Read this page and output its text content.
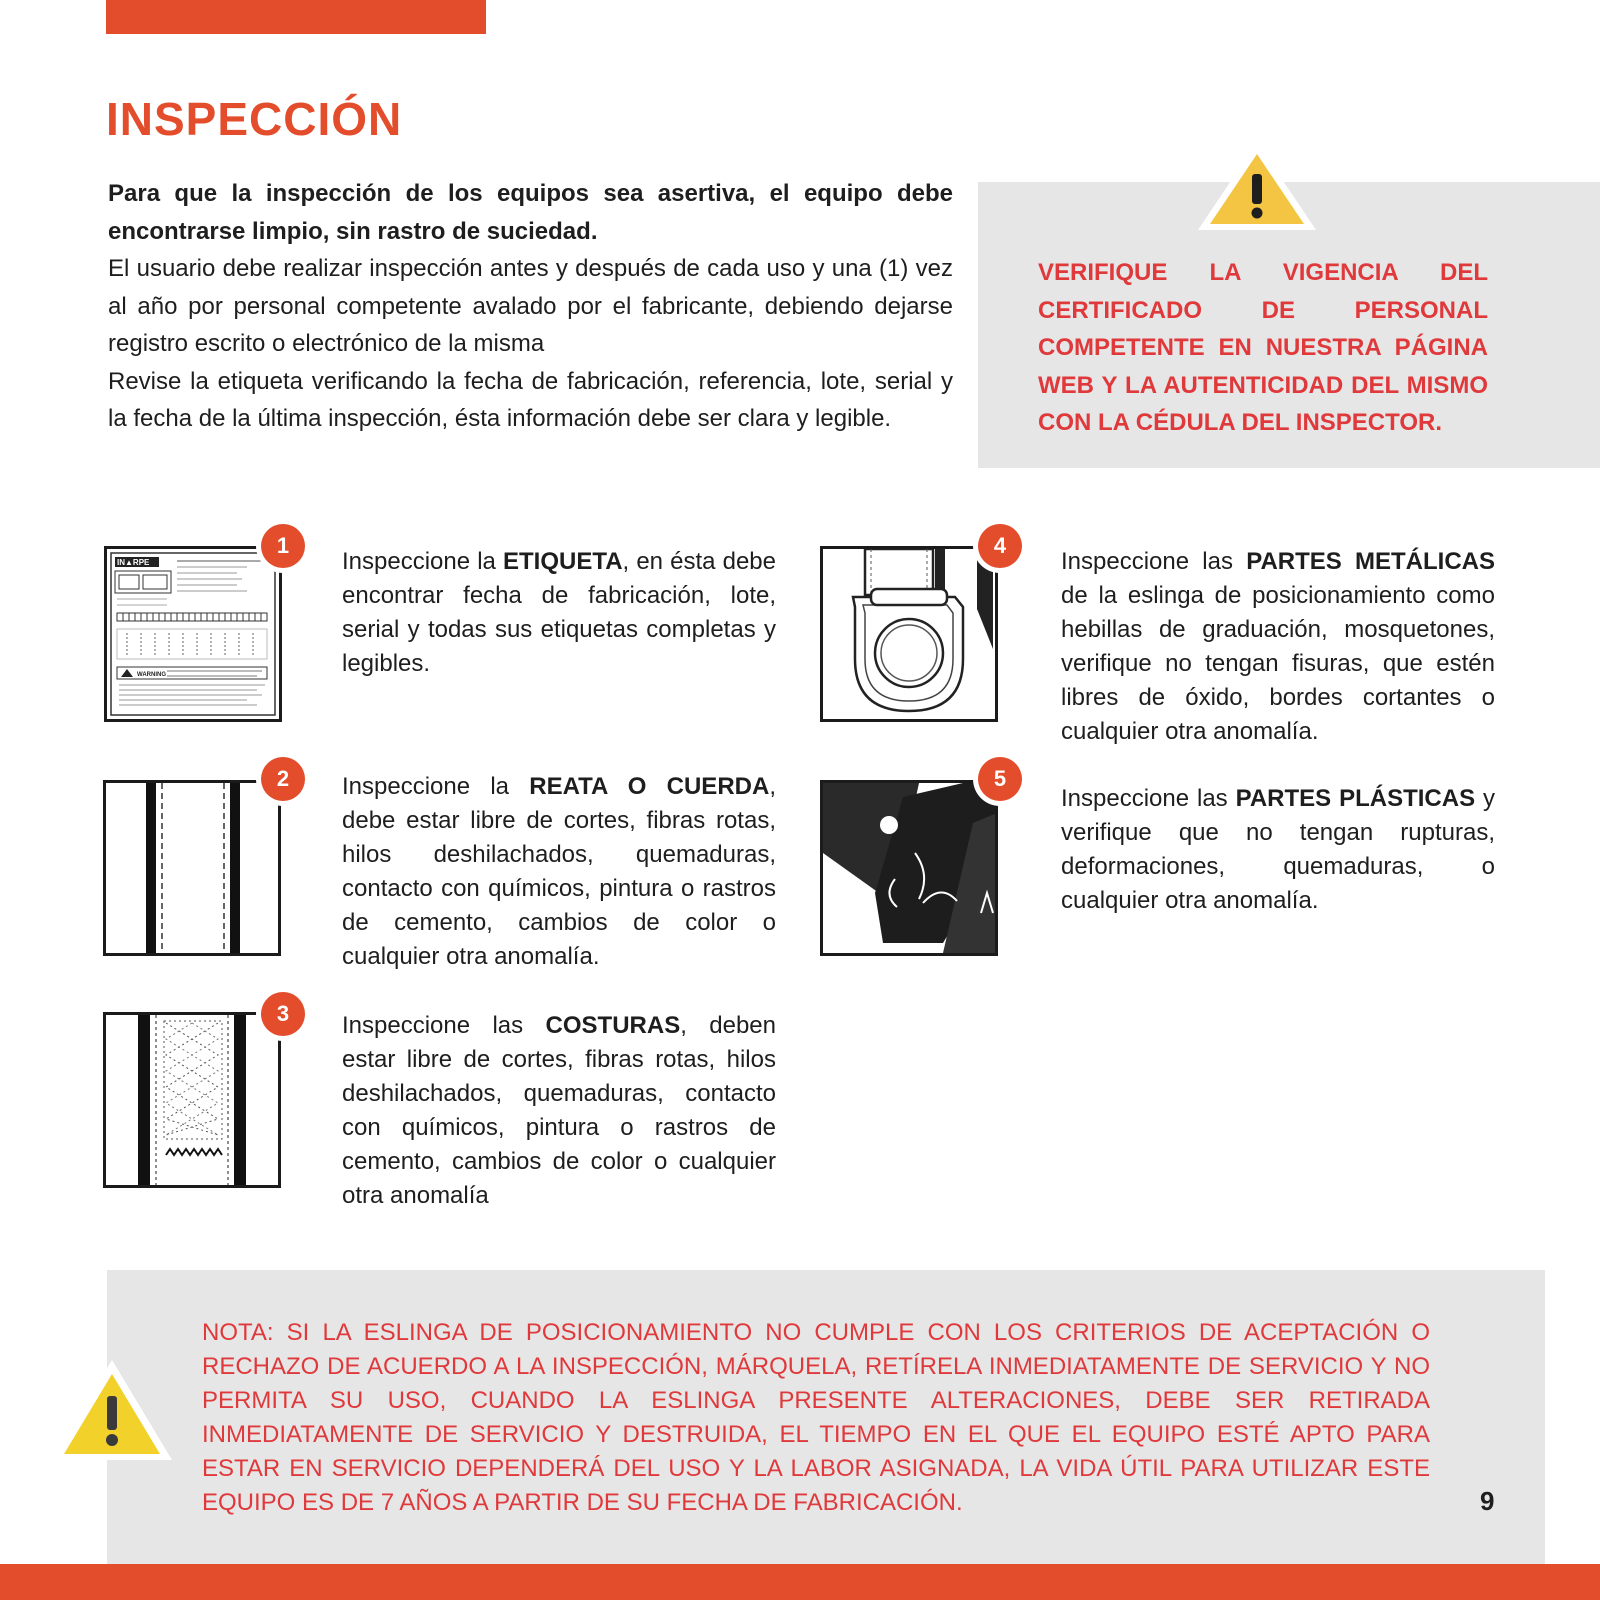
INSPECCIÓN

Para que la inspección de los equipos sea asertiva, el equipo debe encontrarse limpio, sin rastro de suciedad.

El usuario debe realizar inspección antes y después de cada uso y una (1) vez al año por personal competente avalado por el fabricante, debiendo dejarse registro escrito o electrónico de la misma

Revise la etiqueta verificando la fecha de fabricación, referencia, lote, serial y la fecha de la última inspección, ésta información debe ser clara y legible.

VERIFIQUE LA VIGENCIA DEL CERTIFICADO DE PERSONAL COMPETENTE EN NUESTRA PÁGINA WEB Y LA AUTENTICIDAD DEL MISMO CON LA CÉDULA DEL INSPECTOR.
IN▲RPE
WARNING
1
Inspeccione la ETIQUETA, en ésta debe encontrar fecha de fabricación, lote, serial y todas sus etiquetas completas y legibles.
2	Inspeccione la REATA O CUERDA, debe estar libre de cortes, fibras rotas, hilos deshilachados, quemaduras, contacto con químicos, pintura o rastros de cemento, cambios de color o cualquier otra anomalía.
3	Inspeccione las COSTURAS, deben estar libre de cortes, fibras rotas, hilos deshilachados, quemaduras, contacto con químicos, pintura o rastros de cemento, cambios de color o cualquier otra anomalía
4
Inspeccione las PARTES METÁLICAS de la eslinga de posicionamiento como hebillas de graduación, mosquetones, verifique no tengan fisuras, que estén libres de óxido, bordes cortantes o cualquier otra anomalía.
5
Inspeccione las PARTES PLÁSTICAS y verifique que no tengan rupturas, deformaciones, quemaduras, o cualquier otra anomalía.
NOTA: SI LA ESLINGA DE POSICIONAMIENTO NO CUMPLE CON LOS CRITERIOS DE ACEPTACIÓN O RECHAZO DE ACUERDO A LA INSPECCIÓN, MÁRQUELA, RETÍRELA INMEDIATAMENTE DE SERVICIO Y NO PERMITA SU USO, CUANDO LA ESLINGA PRESENTE ALTERACIONES, DEBE SER RETIRADA INMEDIATAMENTE DE SERVICIO Y DESTRUIDA, EL TIEMPO EN EL QUE EL EQUIPO ESTÉ APTO PARA ESTAR EN SERVICIO DEPENDERÁ DEL USO Y LA LABOR ASIGNADA, LA VIDA ÚTIL PARA UTILIZAR ESTE EQUIPO ES DE 7 AÑOS A PARTIR DE SU FECHA DE FABRICACIÓN.	9
